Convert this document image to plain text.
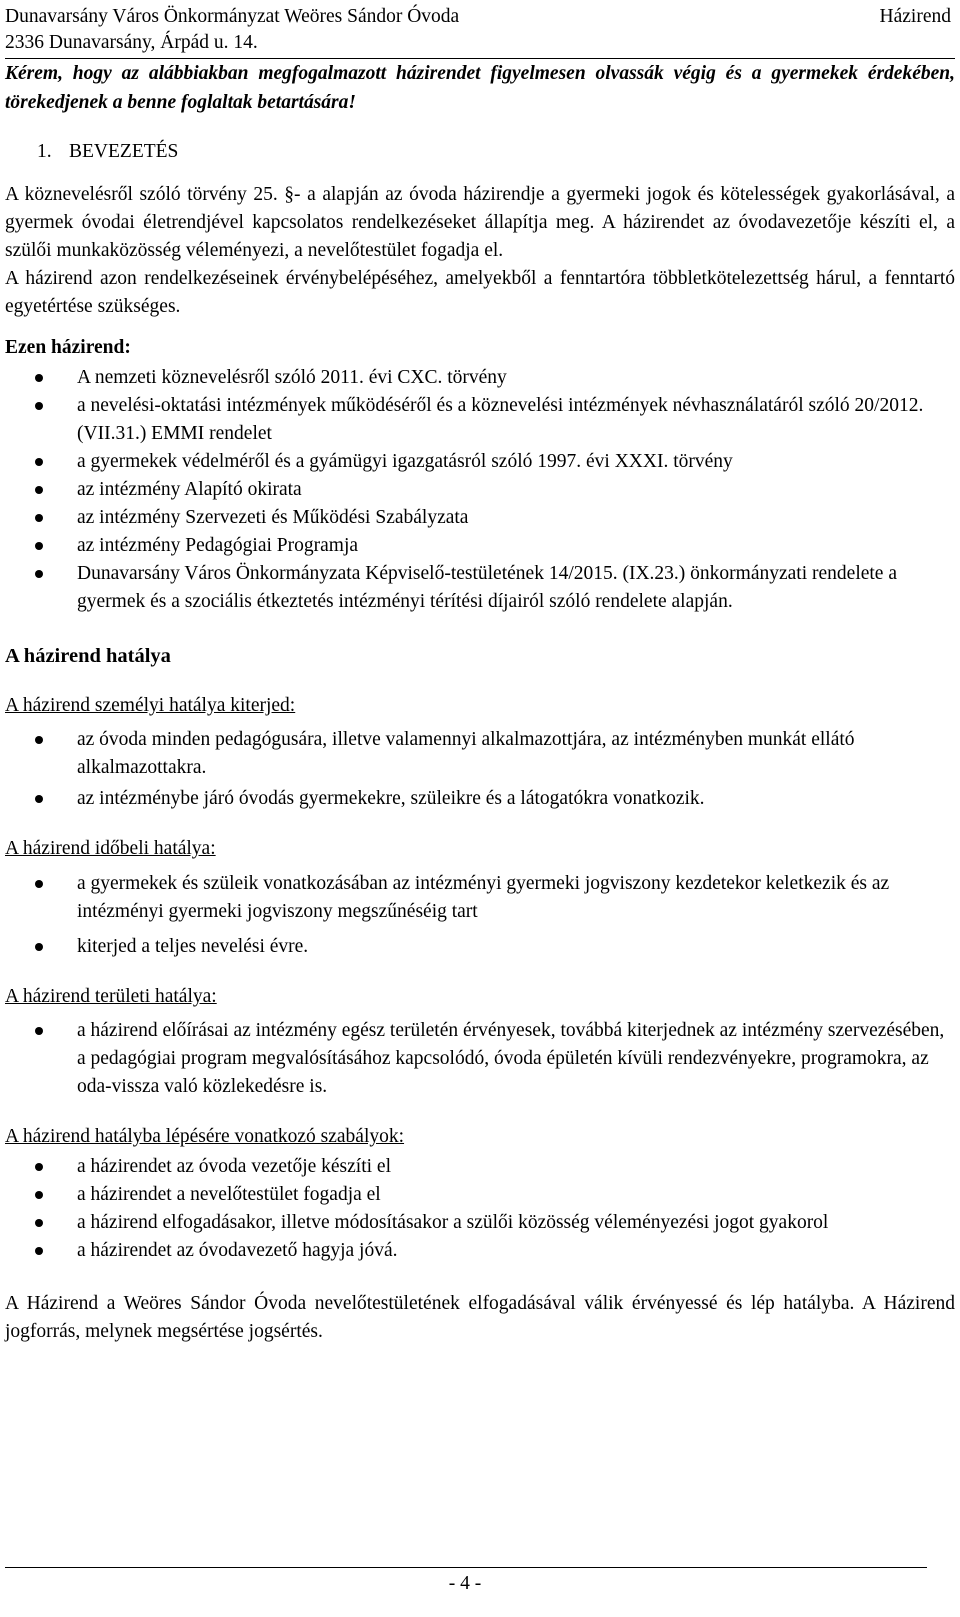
Dunavarsány Város Önkormányzat Weöres Sándor Óvoda
2336 Dunavarsány, Árpád u. 14.
Házirend

Kérem, hogy az alábbiakban megfogalmazott házirendet figyelmesen olvassák végig és a gyermekek érdekében, törekedjenek a benne foglaltak betartására!

1. BEVEZETÉS

A köznevelésről szóló törvény 25. §- a alapján az óvoda házirendje a gyermeki jogok és kötelességek gyakorlásával, a gyermek óvodai életrendjével kapcsolatos rendelkezéseket állapítja meg. A házirendet az óvodavezetője készíti el, a szülői munkaközösség véleményezi, a nevelőtestület fogadja el.

A házirend azon rendelkezéseinek érvénybelépéséhez, amelyekből a fenntartóra többletkötelezettség hárul, a fenntartó egyetértése szükséges.

Ezen házirend:
A nemzeti köznevelésről szóló 2011. évi CXC. törvény
a nevelési-oktatási intézmények működéséről és a köznevelési intézmények névhasználatáról szóló 20/2012. (VII.31.) EMMI rendelet
a gyermekek védelméről és a gyámügyi igazgatásról szóló 1997. évi XXXI. törvény
az intézmény Alapító okirata
az intézmény Szervezeti és Működési Szabályzata
az intézmény Pedagógiai Programja
Dunavarsány Város Önkormányzata Képviselő-testületének 14/2015. (IX.23.) önkormányzati rendelete a gyermek és a szociális étkeztetés intézményi térítési díjairól szóló rendelete alapján.
A házirend hatálya
A házirend személyi hatálya kiterjed:
az óvoda minden pedagógusára, illetve valamennyi alkalmazottjára, az intézményben munkát ellátó alkalmazottakra.
az intézménybe járó óvodás gyermekekre, szüleikre és a látogatókra vonatkozik.
A házirend időbeli hatálya:
a gyermekek és szüleik vonatkozásában az intézményi gyermeki jogviszony kezdetekor keletkezik és az intézményi gyermeki jogviszony megszűnéséig tart
kiterjed a teljes nevelési évre.
A házirend területi hatálya:
a házirend előírásai az intézmény egész területén érvényesek, továbbá kiterjednek az intézmény szervezésében, a pedagógiai program megvalósításához kapcsolódó, óvoda épületén kívüli rendezvényekre, programokra, az oda-vissza való közlekedésre is.
A házirend hatályba lépésére vonatkozó szabályok:
a házirendet az óvoda vezetője készíti el
a házirendet a nevelőtestület fogadja el
a házirend elfogadásakor, illetve módosításakor a szülői közösség véleményezési jogot gyakorol
a házirendet az óvodavezető hagyja jóvá.

A Házirend a Weöres Sándor Óvoda nevelőtestületének elfogadásával válik érvényessé és lép hatályba. A Házirend jogforrás, melynek megsértése jogsértés.

- 4 -
